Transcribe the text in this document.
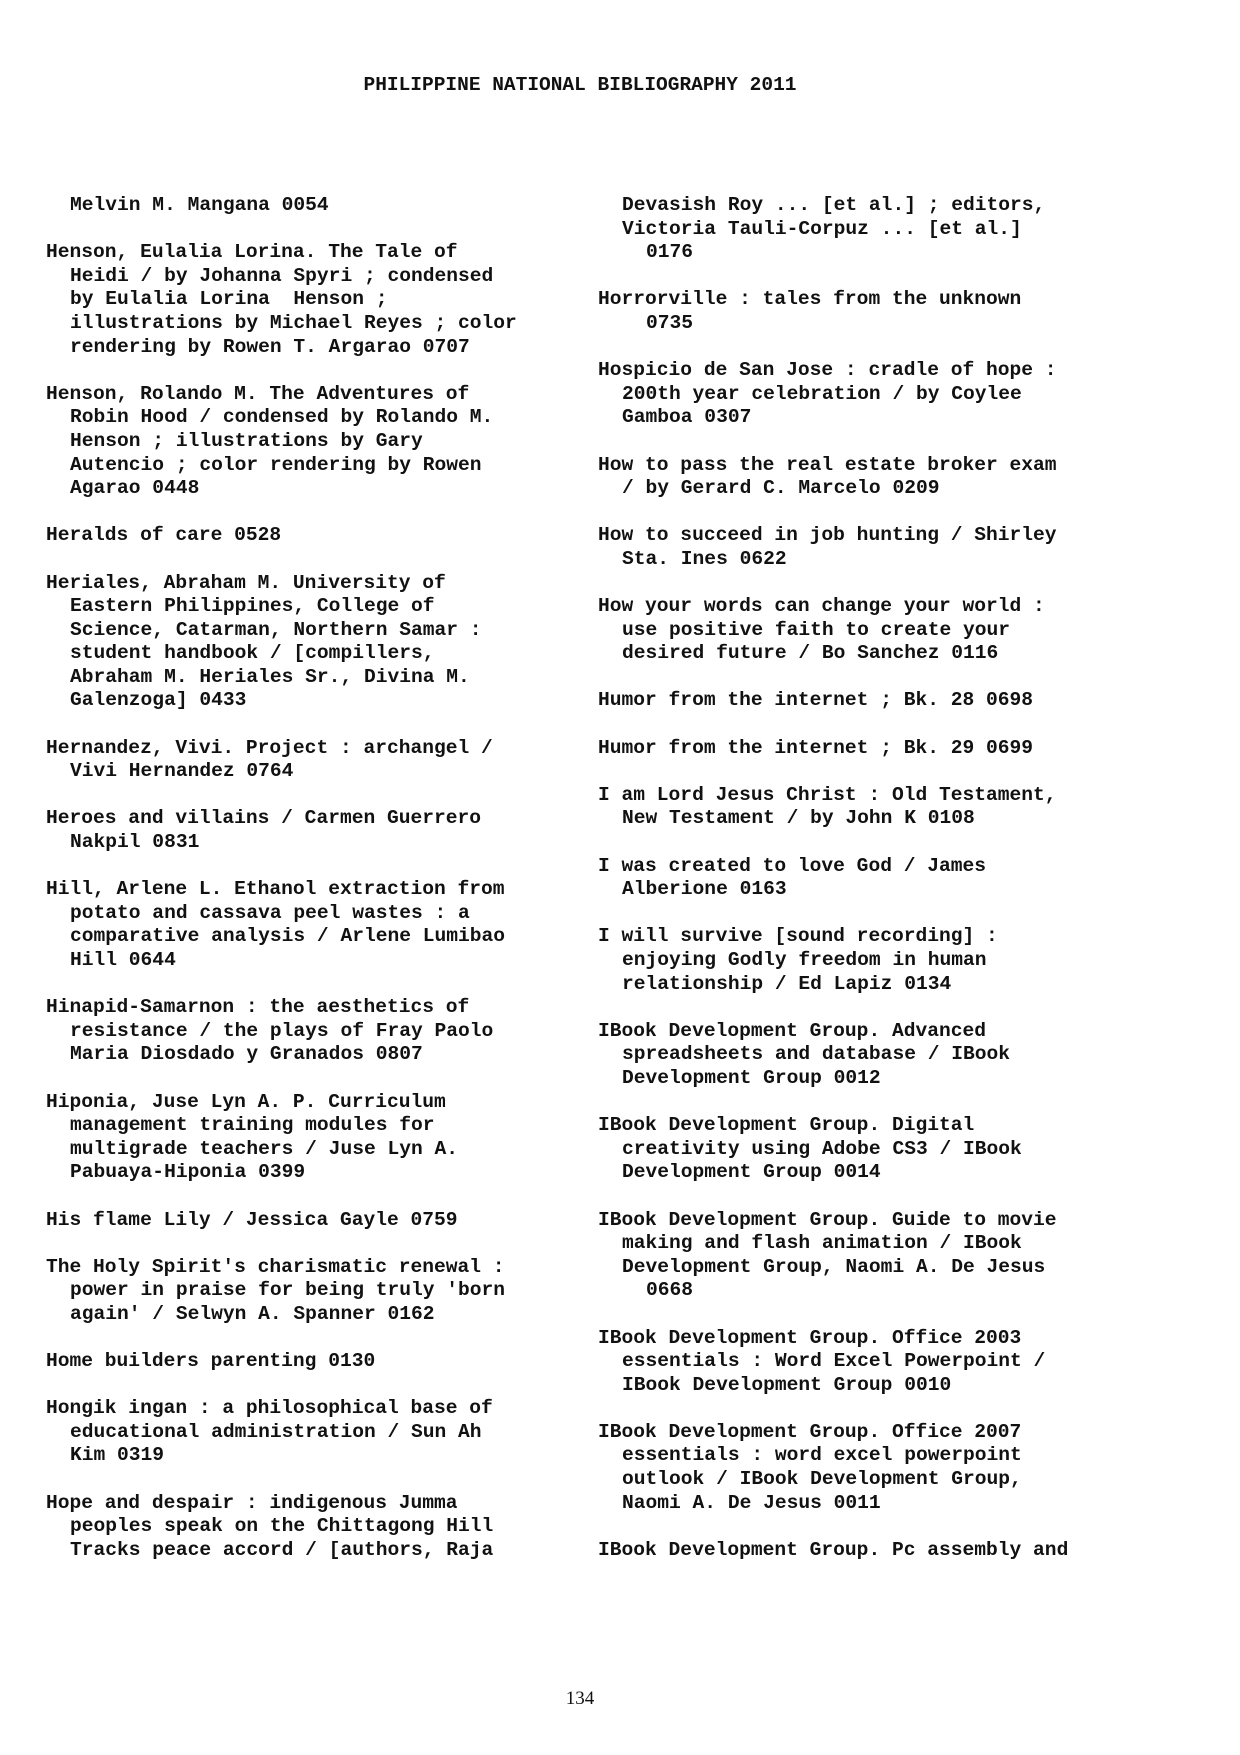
PHILIPPINE NATIONAL BIBLIOGRAPHY 2011
Melvin M. Mangana 0054
Henson, Eulalia Lorina. The Tale of
Heidi / by Johanna Spyri ; condensed
by Eulalia Lorina  Henson ;
illustrations by Michael Reyes ; color
rendering by Rowen T. Argarao 0707
Henson, Rolando M. The Adventures of
Robin Hood / condensed by Rolando M.
Henson ; illustrations by Gary
Autencio ; color rendering by Rowen
Agarao 0448
Heralds of care 0528
Heriales, Abraham M. University of
Eastern Philippines, College of
Science, Catarman, Northern Samar :
student handbook / [compillers,
Abraham M. Heriales Sr., Divina M.
Galenzoga] 0433
Hernandez, Vivi. Project : archangel /
Vivi Hernandez 0764
Heroes and villains / Carmen Guerrero
Nakpil 0831
Hill, Arlene L. Ethanol extraction from
potato and cassava peel wastes : a
comparative analysis / Arlene Lumibao
Hill 0644
Hinapid-Samarnon : the aesthetics of
resistance / the plays of Fray Paolo
Maria Diosdado y Granados 0807
Hiponia, Juse Lyn A. P. Curriculum
management training modules for
multigrade teachers / Juse Lyn A.
Pabuaya-Hiponia 0399
His flame Lily / Jessica Gayle 0759
The Holy Spirit's charismatic renewal :
power in praise for being truly 'born
again' / Selwyn A. Spanner 0162
Home builders parenting 0130
Hongik ingan : a philosophical base of
educational administration / Sun Ah
Kim 0319
Hope and despair : indigenous Jumma
peoples speak on the Chittagong Hill
Tracks peace accord / [authors, Raja
Devasish Roy ... [et al.] ; editors,
Victoria Tauli-Corpuz ... [et al.]
0176
Horrorville : tales from the unknown
0735
Hospicio de San Jose : cradle of hope :
200th year celebration / by Coylee
Gamboa 0307
How to pass the real estate broker exam
/ by Gerard C. Marcelo 0209
How to succeed in job hunting / Shirley
Sta. Ines 0622
How your words can change your world :
use positive faith to create your
desired future / Bo Sanchez 0116
Humor from the internet ; Bk. 28 0698
Humor from the internet ; Bk. 29 0699
I am Lord Jesus Christ : Old Testament,
New Testament / by John K 0108
I was created to love God / James
Alberione 0163
I will survive [sound recording] :
enjoying Godly freedom in human
relationship / Ed Lapiz 0134
IBook Development Group. Advanced
spreadsheets and database / IBook
Development Group 0012
IBook Development Group. Digital
creativity using Adobe CS3 / IBook
Development Group 0014
IBook Development Group. Guide to movie
making and flash animation / IBook
Development Group, Naomi A. De Jesus
0668
IBook Development Group. Office 2003
essentials : Word Excel Powerpoint /
IBook Development Group 0010
IBook Development Group. Office 2007
essentials : word excel powerpoint
outlook / IBook Development Group,
Naomi A. De Jesus 0011
IBook Development Group. Pc assembly and
134
